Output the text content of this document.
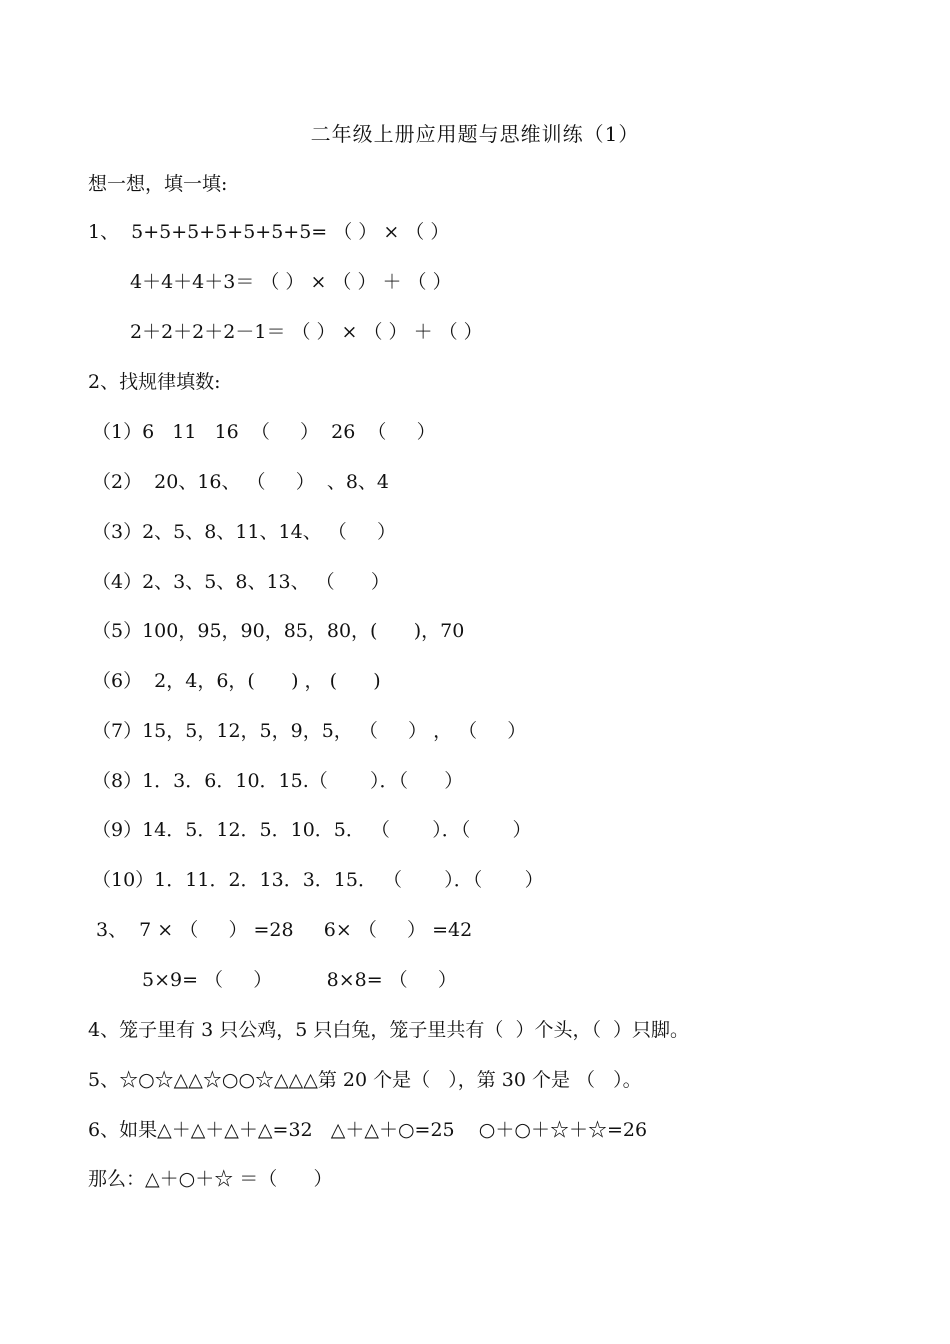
二年级上册应用题与思维训练（1）
想一想，填一填:
1、  5+5+5+5+5+5+5= （ ） × （ ）
4＋4＋4＋3＝ （ ） × （ ） ＋ （ ）
2＋2＋2＋2－1＝ （ ） × （ ） ＋ （ ）
2、找规律填数:
（1）6   11   16  （     ）  26  （     ）
（2）  20、16、 （     ）  、8、4
（3）2、5、8、11、14、 （     ）
（4）2、3、5、8、13、 （      ）
（5）100，95，90，85，80，(      )，70
（6）  2，4，6，(      ) ， (      )
（7）15，5，12，5，9，5， （     ） ， （     ）
（8）1．3．6．10．15.（       ）．（      ）
（9）14．5．12．5．10．5． （       ）．（       ）
（10）1．11．2．13．3．15． （       ）．（       ）
3、  7 × （     ） =28     6× （     ） =42
5×9= （     ）         8×8= （     ）
4、笼子里有 3 只公鸡，5 只白兔，笼子里共有（  ）个头，（  ）只脚。
5、☆○☆△△☆○○☆△△△第 20 个是（   ），第 30 个是 （   ）。
6、如果△＋△＋△＋△=32   △＋△＋○=25    ○＋○＋☆＋☆=26
那么：△＋○＋☆ ＝（      ）
